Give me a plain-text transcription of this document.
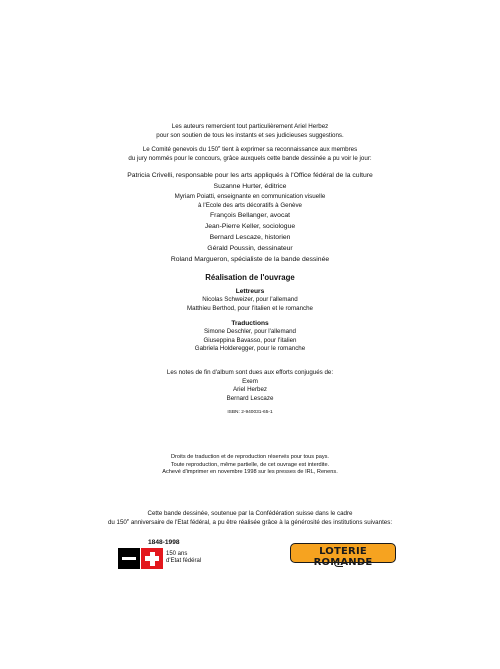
Les auteurs remercient tout particulièrement Ariel Herbez
pour son soutien de tous les instants et ses judicieuses suggestions.
Le Comité genevois du 150e tient à exprimer sa reconnaissance aux membres
du jury nommés pour le concours, grâce auxquels cette bande dessinée a pu voir le jour:
Patricia Crivelli, responsable pour les arts appliqués à l'Office fédéral de la culture
Suzanne Hurter, éditrice
Myriam Poiatti, enseignante en communication visuelle
à l'Ecole des arts décoratifs à Genève
François Bellanger, avocat
Jean-Pierre Keller, sociologue
Bernard Lescaze, historien
Gérald Poussin, dessinateur
Roland Margueron, spécialiste de la bande dessinée
Réalisation de l'ouvrage
Lettreurs
Nicolas Schweizer, pour l'allemand
Matthieu Berthod, pour l'italien et le romanche
Traductions
Simone Deschler, pour l'allemand
Giuseppina Bavasso, pour l'italien
Gabriela Holderegger, pour le romanche
Les notes de fin d'album sont dues aux efforts conjugués de:
Exem
Ariel Herbez
Bernard Lescaze
ISBN: 2-940031-65-1
Droits de traduction et de reproduction réservés pour tous pays.
Toute reproduction, même partielle, de cet ouvrage est interdite.
Achevé d'imprimer en novembre 1998 sur les presses de IRL, Renens.
Cette bande dessinée, soutenue par la Confédération suisse dans le cadre
du 150e anniversaire de l'Etat fédéral, a pu être réalisée grâce à la générosité des institutions suivantes:
1848-1998
150 ans
d'Etat fédéral
LOTERIE ROMANDE
